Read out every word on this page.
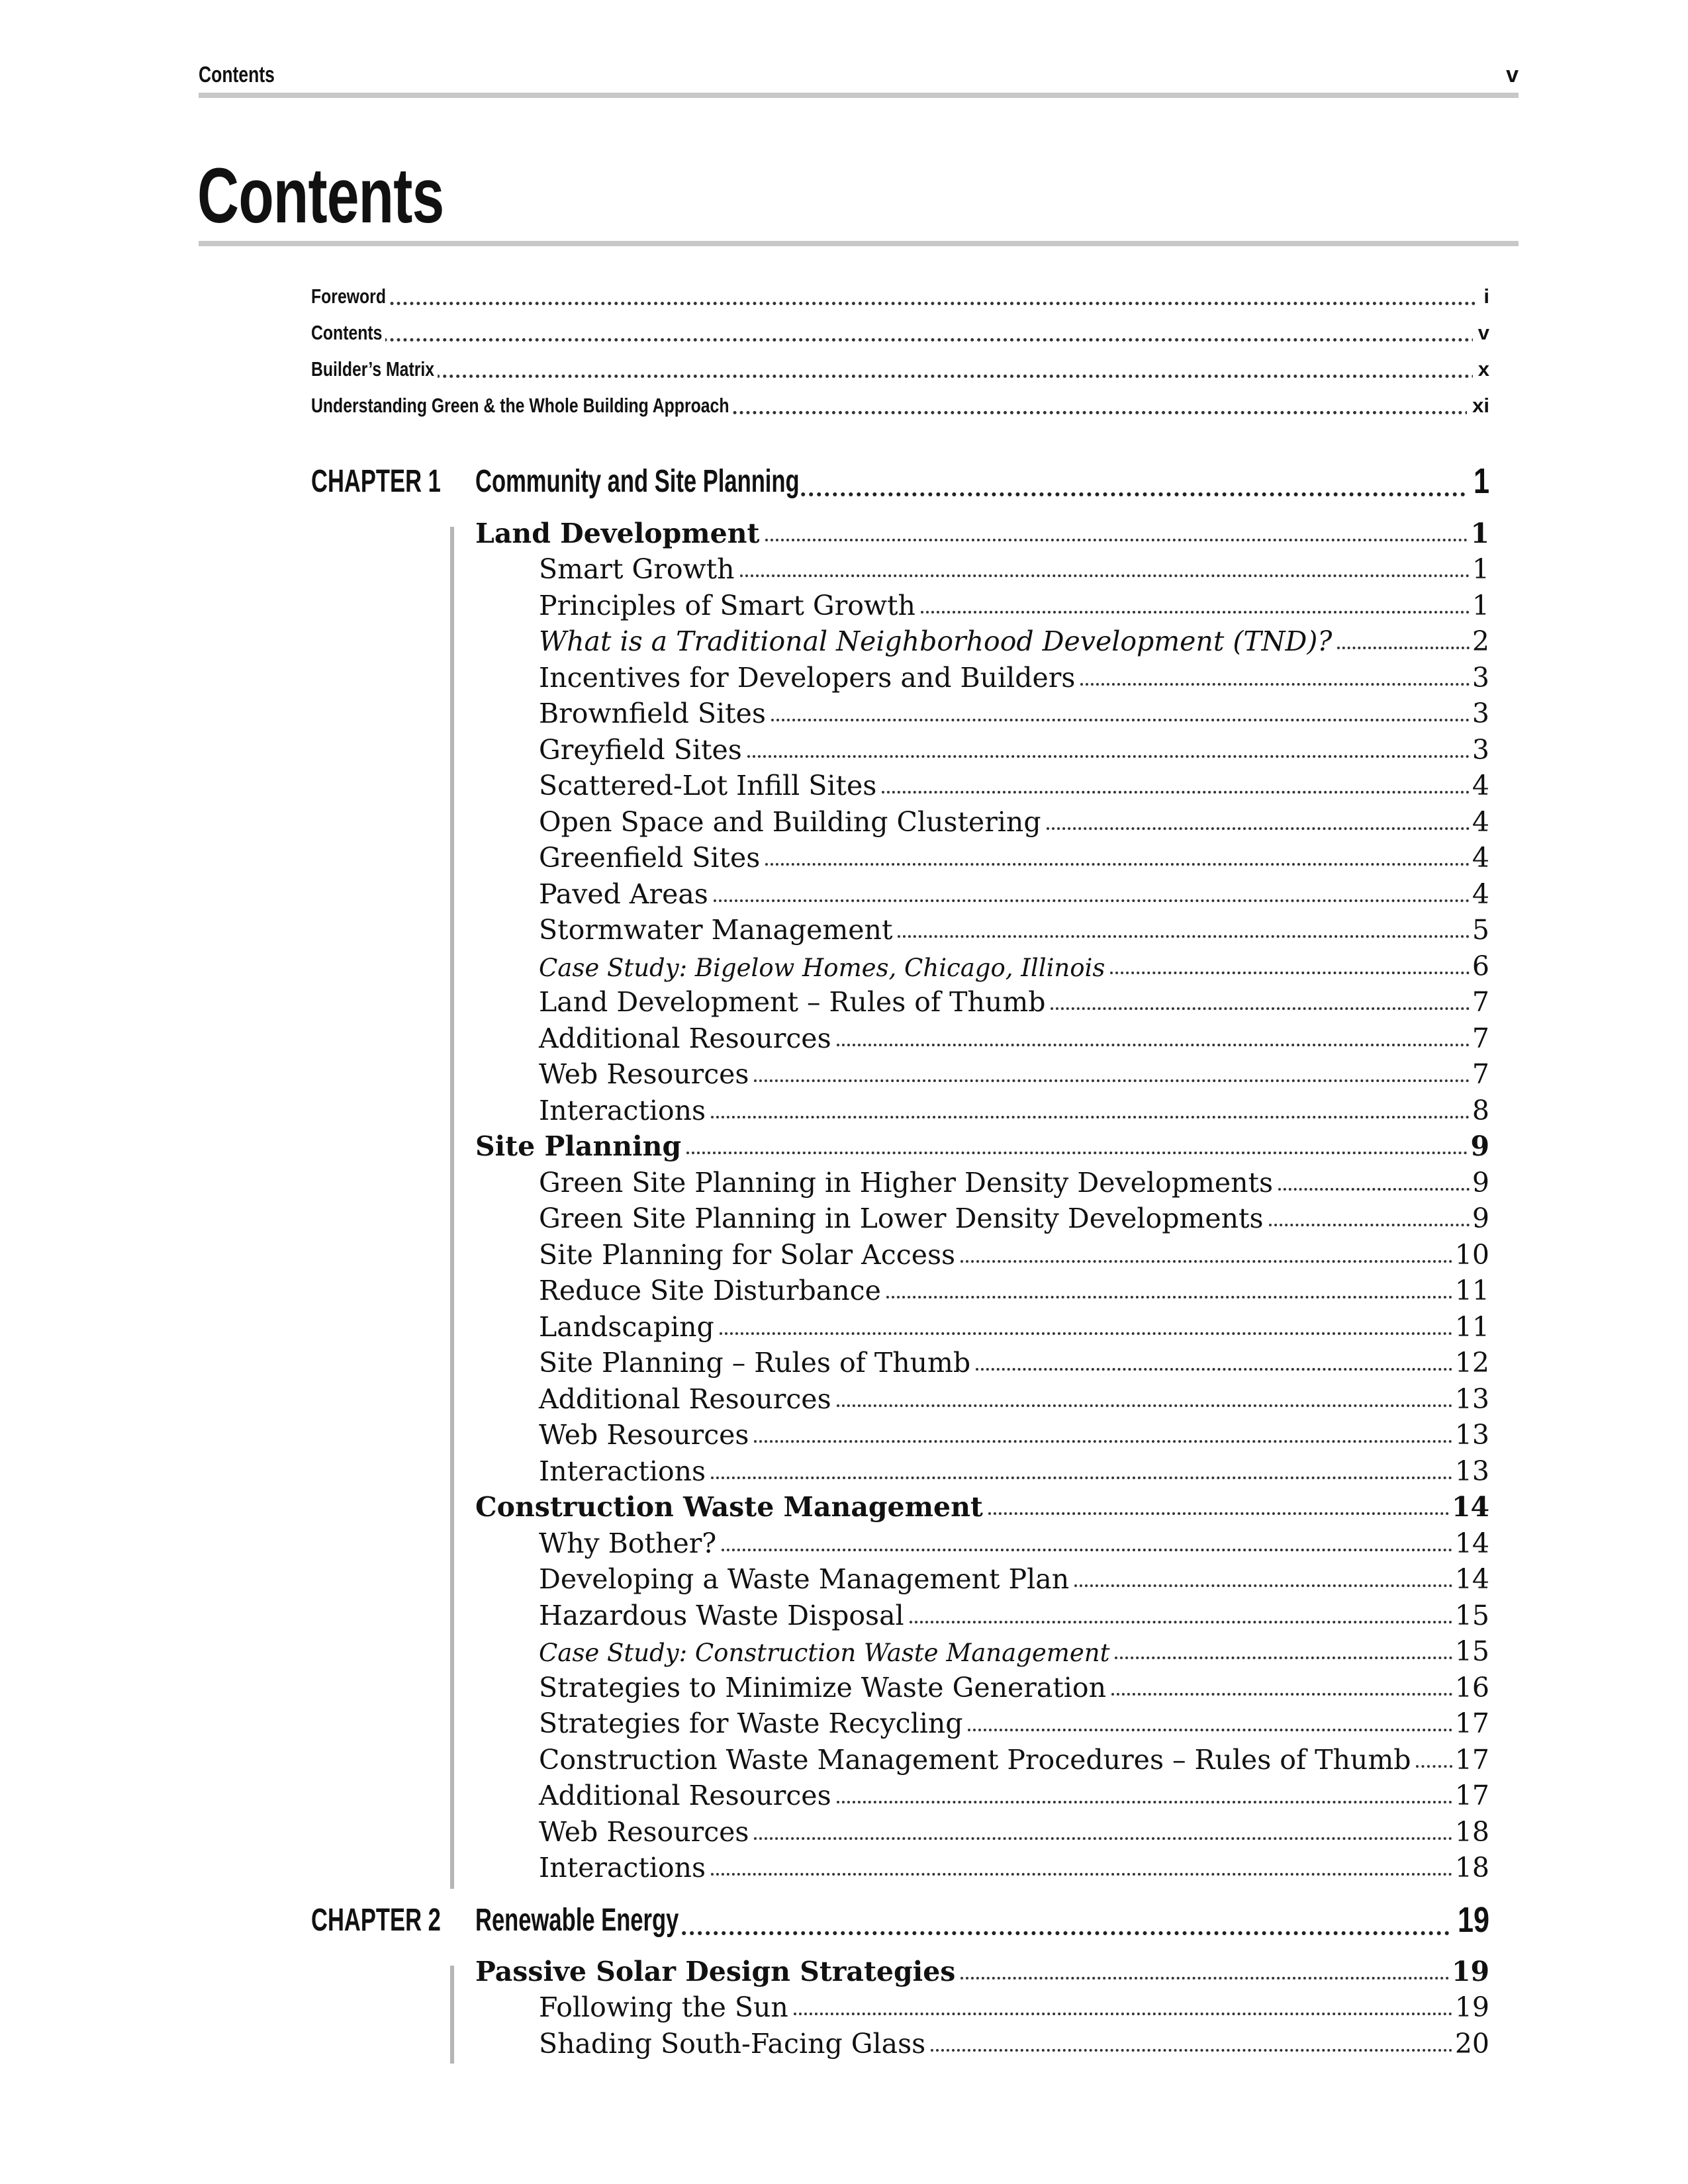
Contents	v
Contents
Foreword	i
Contents	v
Builder’s Matrix	x
Understanding Green & the Whole Building Approach	xi
CHAPTER 1 Community and Site Planning	1
Land Development	1
Smart Growth	1
Principles of Smart Growth	1
What is a Traditional Neighborhood Development (TND)?	2
Incentives for Developers and Builders	3
Brownfield Sites	3
Greyfield Sites	3
Scattered-Lot Infill Sites	4
Open Space and Building Clustering	4
Greenfield Sites	4
Paved Areas	4
Stormwater Management	5
Case Study: Bigelow Homes, Chicago, Illinois	6
Land Development – Rules of Thumb	7
Additional Resources	7
Web Resources	7
Interactions	8
Site Planning	9
Green Site Planning in Higher Density Developments	9
Green Site Planning in Lower Density Developments	9
Site Planning for Solar Access	10
Reduce Site Disturbance	11
Landscaping	11
Site Planning – Rules of Thumb	12
Additional Resources	13
Web Resources	13
Interactions	13
Construction Waste Management	14
Why Bother?	14
Developing a Waste Management Plan	14
Hazardous Waste Disposal	15
Case Study: Construction Waste Management	15
Strategies to Minimize Waste Generation	16
Strategies for Waste Recycling	17
Construction Waste Management Procedures – Rules of Thumb 17
Additional Resources	17
Web Resources	18
Interactions	18
CHAPTER 2 Renewable Energy	19
Passive Solar Design Strategies	19
Following the Sun	19
Shading South-Facing Glass	20
